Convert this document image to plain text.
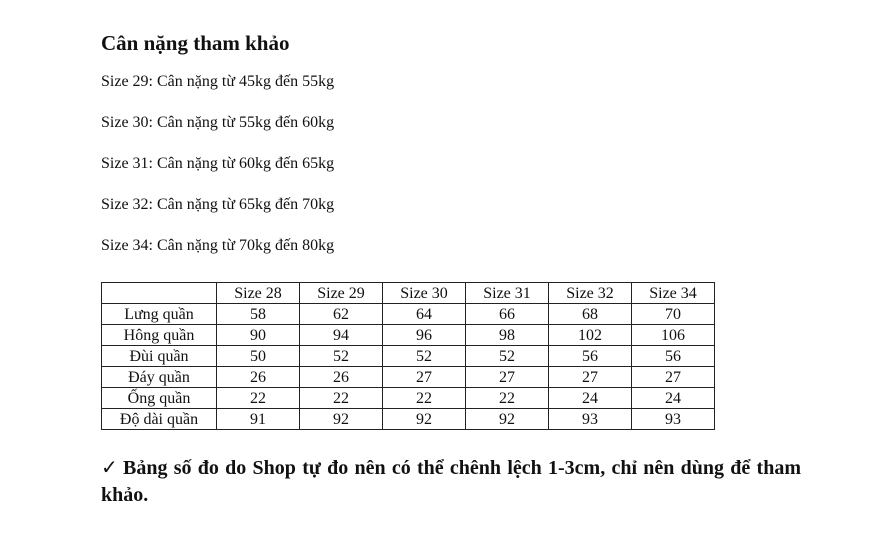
Cân nặng tham khảo
Size 29: Cân nặng từ 45kg đến 55kg
Size 30: Cân nặng từ 55kg đến 60kg
Size 31: Cân nặng từ 60kg đến 65kg
Size 32: Cân nặng từ 65kg đến 70kg
Size 34: Cân nặng từ 70kg đến 80kg
	Size 28	Size 29	Size 30	Size 31	Size 32	Size 34
Lưng quần	58	62	64	66	68	70
Hông quần	90	94	96	98	102	106
Đùi quần	50	52	52	52	56	56
Đáy quần	26	26	27	27	27	27
Ống quần	22	22	22	22	24	24
Độ dài quần	91	92	92	92	93	93
✓ Bảng số đo do Shop tự đo nên có thể chênh lệch 1-3cm, chỉ nên dùng để tham khảo.
